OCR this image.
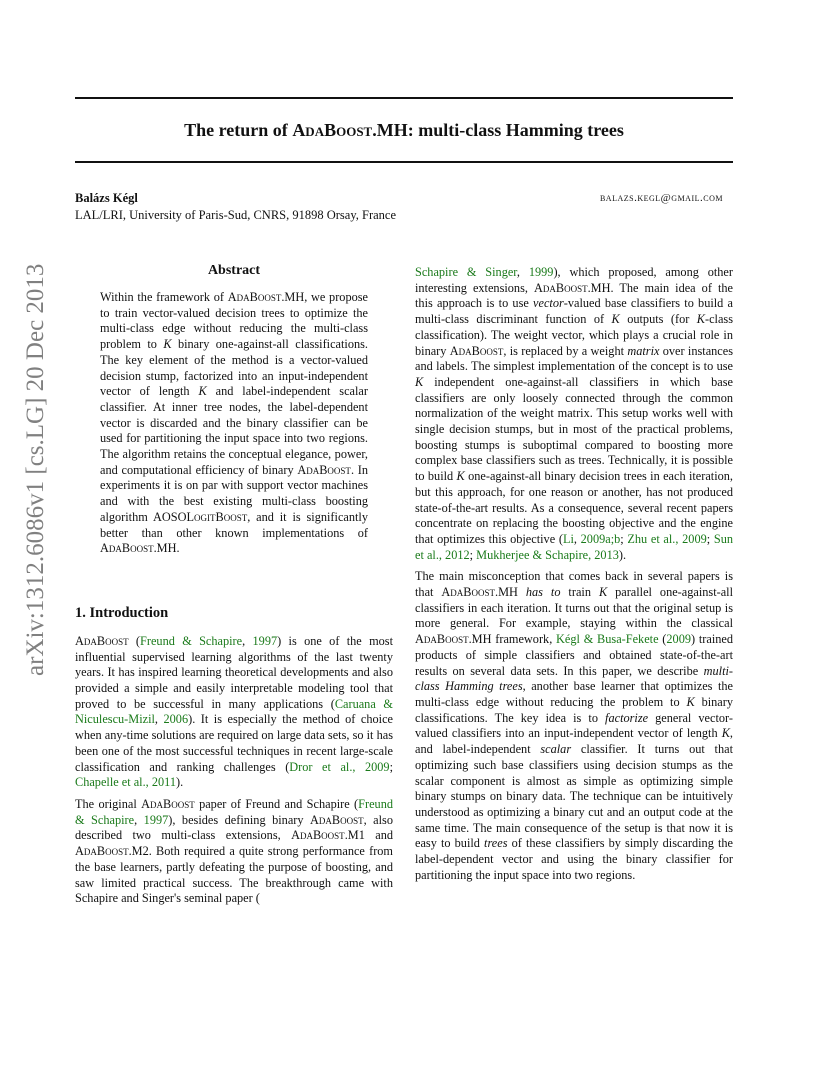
The return of AdaBoost.MH: multi-class Hamming trees
Balázs Kégl	balazs.kegl@gmail.com
LAL/LRI, University of Paris-Sud, CNRS, 91898 Orsay, France
arXiv:1312.6086v1 [cs.LG] 20 Dec 2013	Abstract

Within the framework of AdaBoost.MH, we propose to train vector-valued decision trees to optimize the multi-class edge without reducing the multi-class problem to K binary one-against-all classifications. The key element of the method is a vector-valued decision stump, factorized into an input-independent vector of length K and label-independent scalar classifier. At inner tree nodes, the label-dependent vector is discarded and the binary classifier can be used for partitioning the input space into two regions. The algorithm retains the conceptual elegance, power, and computational efficiency of binary AdaBoost. In experiments it is on par with support vector machines and with the best existing multi-class boosting algorithm AOSOLogitBoost, and it is significantly better than other known implementations of AdaBoost.MH.

1. Introduction

AdaBoost (Freund & Schapire, 1997) is one of the most influential supervised learning algorithms of the last twenty years. It has inspired learning theoretical developments and also provided a simple and easily interpretable modeling tool that proved to be successful in many applications (Caruana & Niculescu-Mizil, 2006). It is especially the method of choice when any-time solutions are required on large data sets, so it has been one of the most successful techniques in recent large-scale classification and ranking challenges (Dror et al., 2009; Chapelle et al., 2011).

The original AdaBoost paper of Freund and Schapire (Freund & Schapire, 1997), besides defining binary AdaBoost, also described two multi-class extensions, AdaBoost.M1 and AdaBoost.M2. Both required a quite strong performance from the base learners, partly defeating the purpose of boosting, and saw limited practical success. The breakthrough came with Schapire and Singer's seminal paper (

Schapire & Singer, 1999), which proposed, among other interesting extensions, AdaBoost.MH. The main idea of the this approach is to use vector-valued base classifiers to build a multi-class discriminant function of K outputs (for K-class classification). The weight vector, which plays a crucial role in binary AdaBoost, is replaced by a weight matrix over instances and labels. The simplest implementation of the concept is to use K independent one-against-all classifiers in which base classifiers are only loosely connected through the common normalization of the weight matrix. This setup works well with single decision stumps, but in most of the practical problems, boosting stumps is suboptimal compared to boosting more complex base classifiers such as trees. Technically, it is possible to build K one-against-all binary decision trees in each iteration, but this approach, for one reason or another, has not produced state-of-the-art results. As a consequence, several recent papers concentrate on replacing the boosting objective and the engine that optimizes this objective (Li, 2009a;b; Zhu et al., 2009; Sun et al., 2012; Mukherjee & Schapire, 2013).

The main misconception that comes back in several papers is that AdaBoost.MH has to train K parallel one-against-all classifiers in each iteration. It turns out that the original setup is more general. For example, staying within the classical AdaBoost.MH framework, Kégl & Busa-Fekete (2009) trained products of simple classifiers and obtained state-of-the-art results on several data sets. In this paper, we describe multi-class Hamming trees, another base learner that optimizes the multi-class edge without reducing the problem to K binary classifications. The key idea is to factorize general vector-valued classifiers into an input-independent vector of length K, and label-independent scalar classifier. It turns out that optimizing such base classifiers using decision stumps as the scalar component is almost as simple as optimizing simple binary stumps on binary data. The technique can be intuitively understood as optimizing a binary cut and an output code at the same time. The main consequence of the setup is that now it is easy to build trees of these classifiers by simply discarding the label-dependent vector and using the binary classifier for partitioning the input space into two regions.
